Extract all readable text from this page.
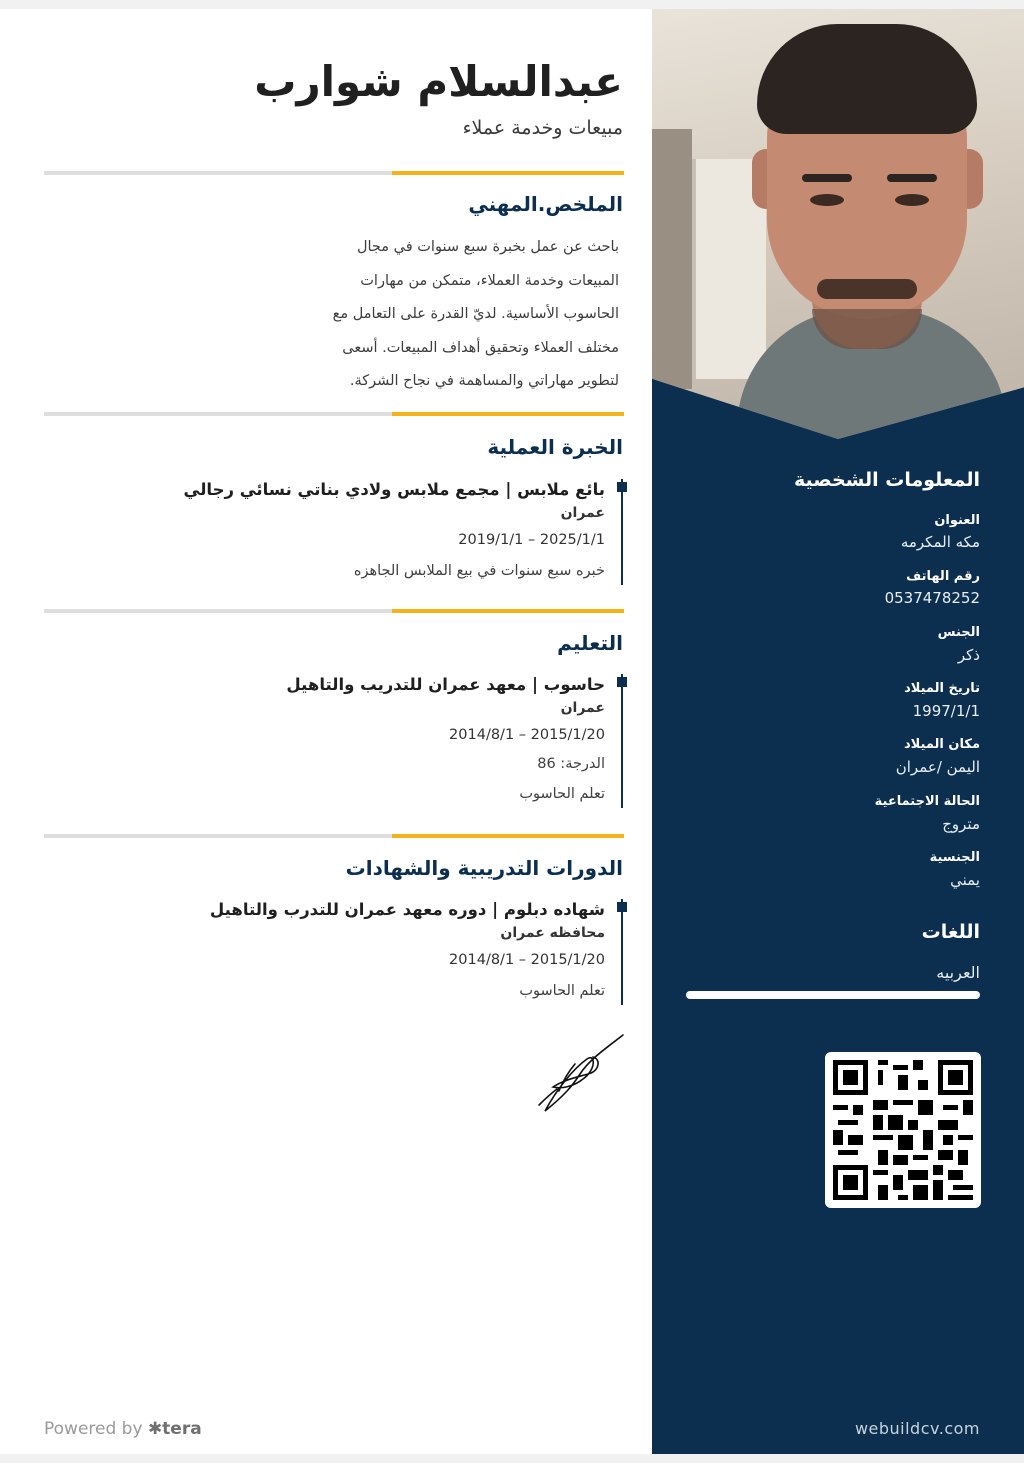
عبدالسلام شوارب
مبيعات وخدمة عملاء
الملخص.المهني
باحث عن عمل بخبرة سبع سنوات في مجال
المبيعات وخدمة العملاء، متمكن من مهارات
الحاسوب الأساسية. لديّ القدرة على التعامل مع
مختلف العملاء وتحقيق أهداف المبيعات. أسعى
لتطوير مهاراتي والمساهمة في نجاح الشركة.
الخبرة العملية
بائع ملابس | مجمع ملابس ولادي بناتي نسائي رجالي
عمران
2019/1/1 – 2025/1/1
خبره سبع سنوات في بيع الملابس الجاهزه
التعليم
حاسوب | معهد عمران للتدريب والتاهيل
عمران
2014/8/1 – 2015/1/20
الدرجة: 86
تعلم الحاسوب
الدورات التدريبية والشهادات
شهاده دبلوم | دوره معهد عمران للتدرب والتاهيل
محافظه عمران
2014/8/1 – 2015/1/20
تعلم الحاسوب
Powered by ✱tera
المعلومات الشخصية
العنوان
مكه المكرمه
رقم الهاتف
0537478252
الجنس
ذكر
تاريخ الميلاد
1997/1/1
مكان الميلاد
اليمن /عمران
الحالة الاجتماعية
متروج
الجنسية
يمني
اللغات
العربيه
webuildcv.com
